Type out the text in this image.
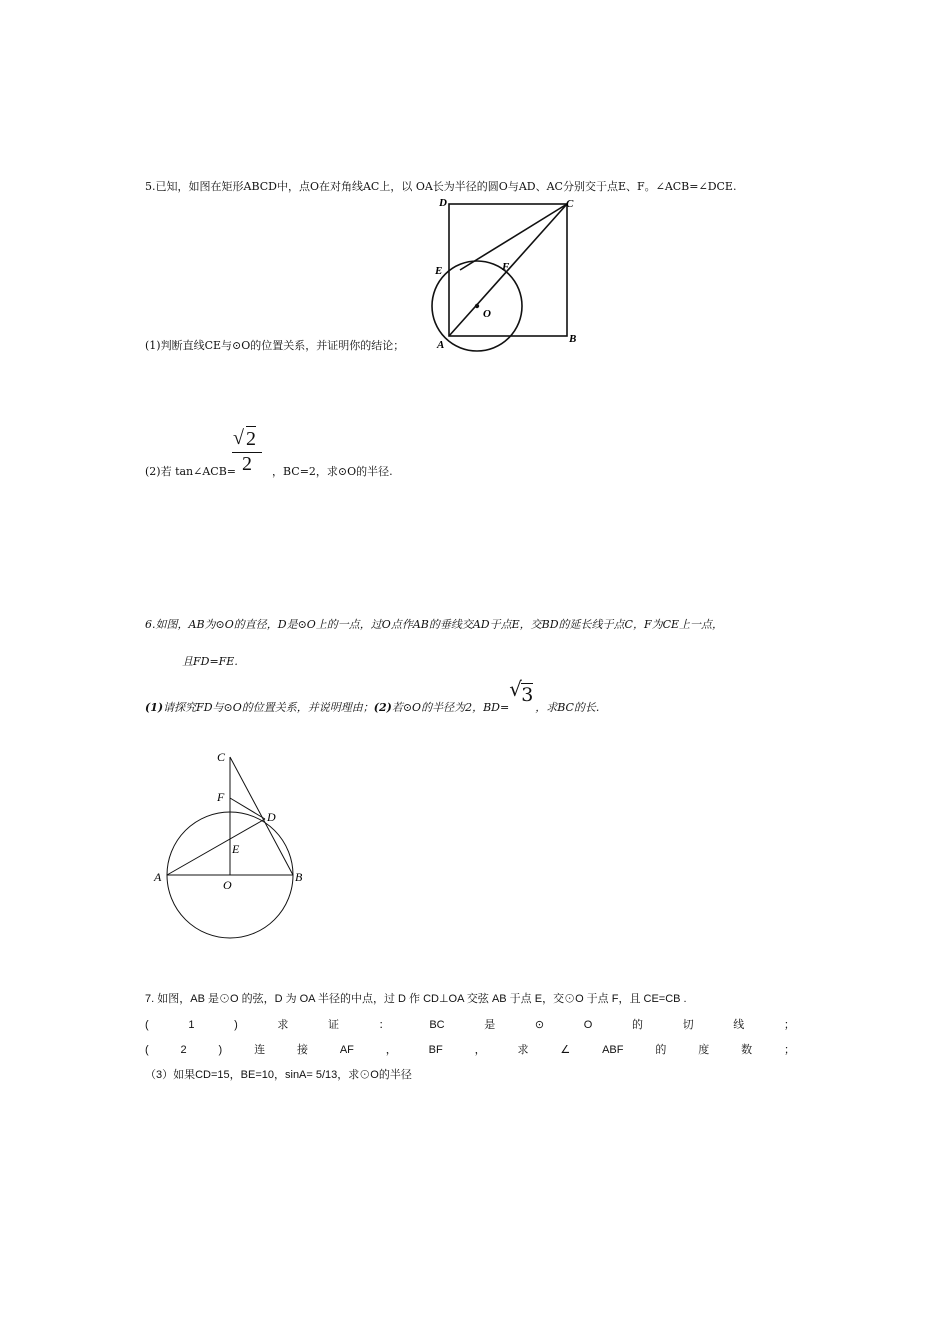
5.已知，如图在矩形ABCD中，点O在对角线AC上，以 OA长为半径的圆O与AD、AC分别交于点E、F。∠ACB=∠DCE.
D	C
E	F
O
A	B
(1)判断直线CE与⊙O的位置关系，并证明你的结论；
(2)若 tan∠ACB=
$\frac{√ 2}{2}$ ，BC=2，求⊙O的半径.
6.如图，AB为⊙O的直径，D是⊙O上的一点，过O点作AB的垂线交AD于点E，交BD的延长线于点C，F为CE上一点，
且FD=FE.
(1)请探究FD与⊙O的位置关系，并说明理由；(2)若⊙O的半径为2，BD=
√ 3
，求BC的长.
C
F
D
E
A
O
B
7. 如图，AB 是⊙O 的弦，D 为 OA 半径的中点，过 D 作 CD⊥OA 交弦 AB 于点 E，交⊙O 于点 F，且 CE=CB .
(	1	)	求	证	：	BC	是	⊙	O	的	切	线	；
(	2	)	连	接	AF	，	BF	，	求	∠	ABF	的	度	数	；
（3）如果CD=15，BE=10，sinA= 5/13，求⊙O的半径
